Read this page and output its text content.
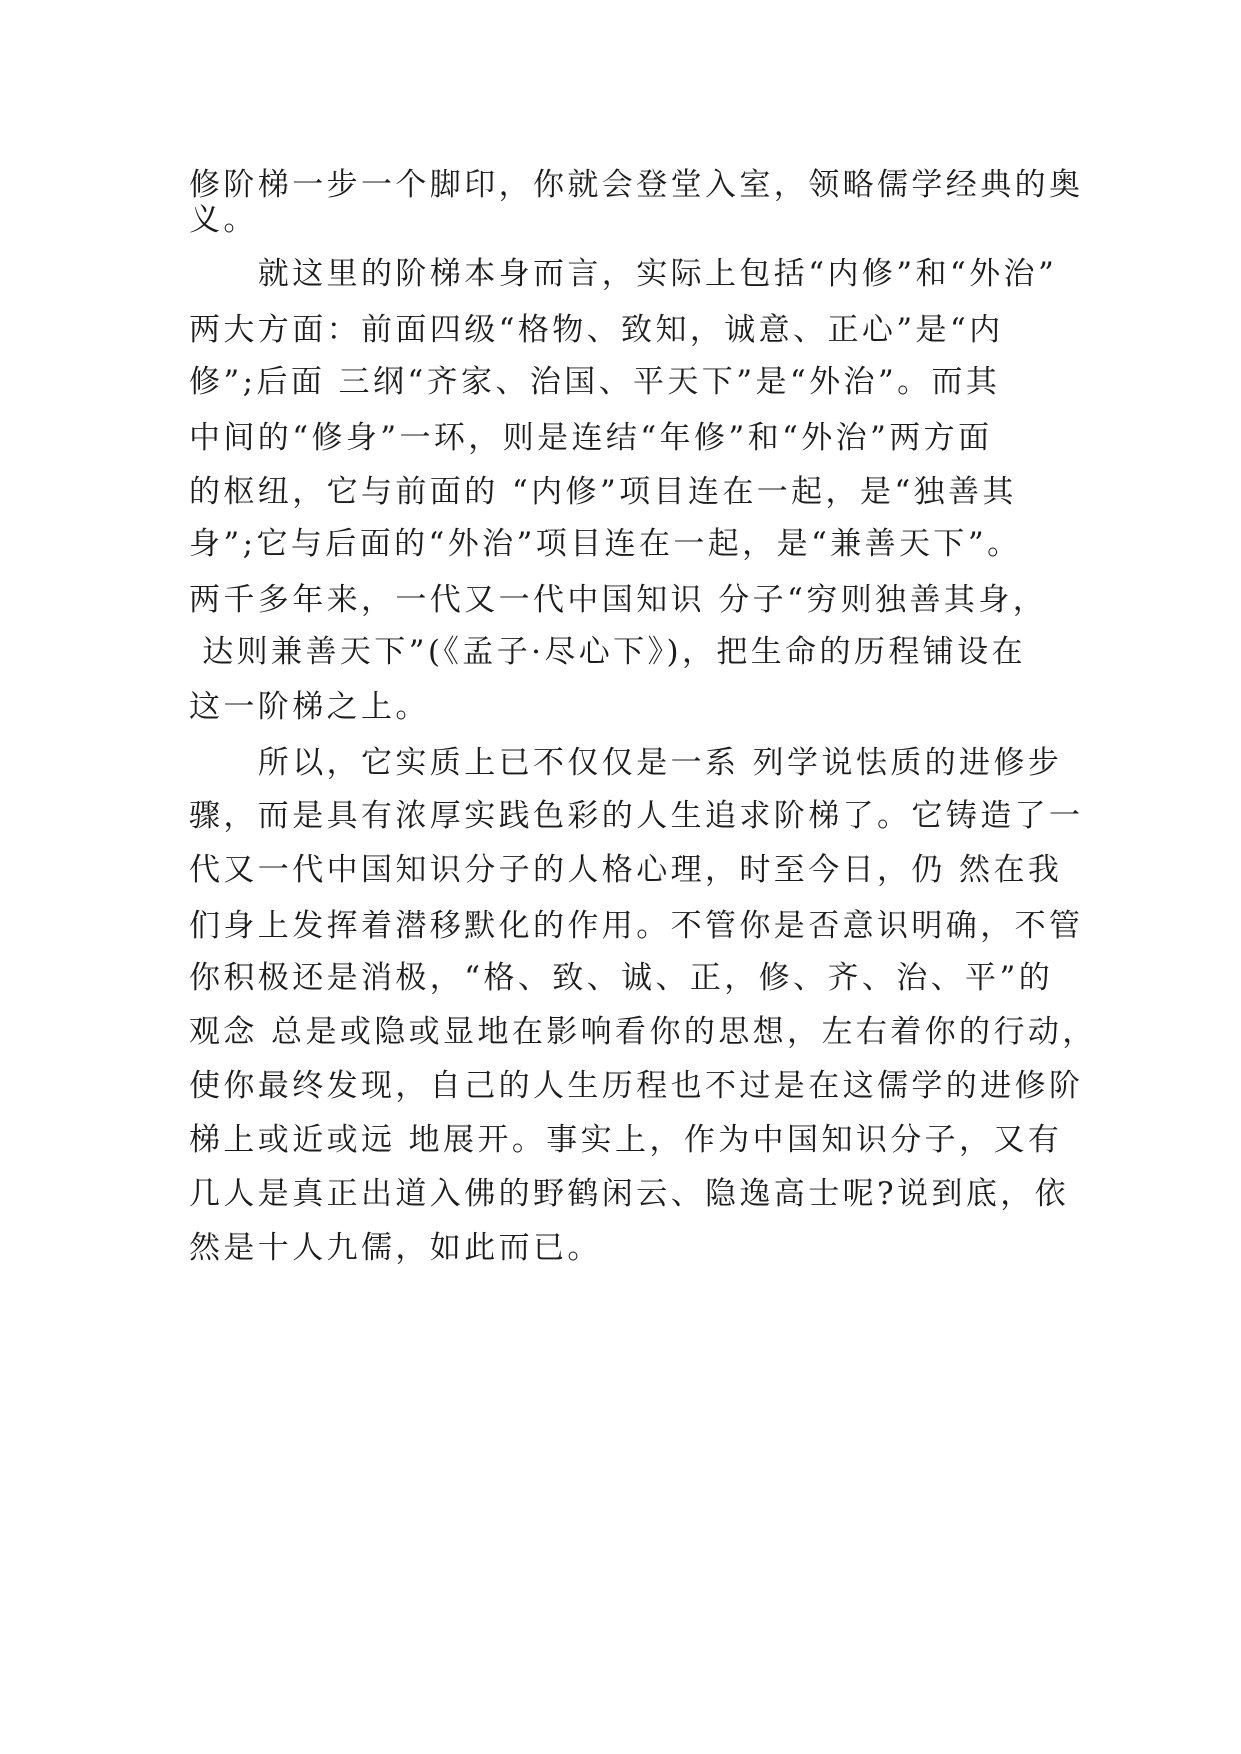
修阶梯一步一个脚印，你就会登堂入室，领略儒学经典的奥
义。
　　就这里的阶梯本身而言，实际上包括“内修”和“外治”
两大方面：前面四级“格物、致知，诚意、正心”是“内
修”;后面 三纲“齐家、治国、平天下”是“外治”。而其
中间的“修身”一环，则是连结“年修”和“外治”两方面
的枢纽，它与前面的 “内修”项目连在一起，是“独善其
身”;它与后面的“外治”项目连在一起，是“兼善天下”。
两千多年来，一代又一代中国知识 分子“穷则独善其身，
达则兼善天下”(《孟子·尽心下》)，把生命的历程铺设在
这一阶梯之上。
　　所以，它实质上已不仅仅是一系 列学说怯质的进修步
骤，而是具有浓厚实践色彩的人生追求阶梯了。它铸造了一
代又一代中国知识分子的人格心理，时至今日，仍 然在我
们身上发挥着潜移默化的作用。不管你是否意识明确，不管
你积极还是消极，“格、致、诚、正，修、齐、治、平”的
观念 总是或隐或显地在影响看你的思想，左右着你的行动，
使你最终发现，自己的人生历程也不过是在这儒学的进修阶
梯上或近或远 地展开。事实上，作为中国知识分子，又有
几人是真正出道入佛的野鹤闲云、隐逸高士呢?说到底，依
然是十人九儒，如此而已。
